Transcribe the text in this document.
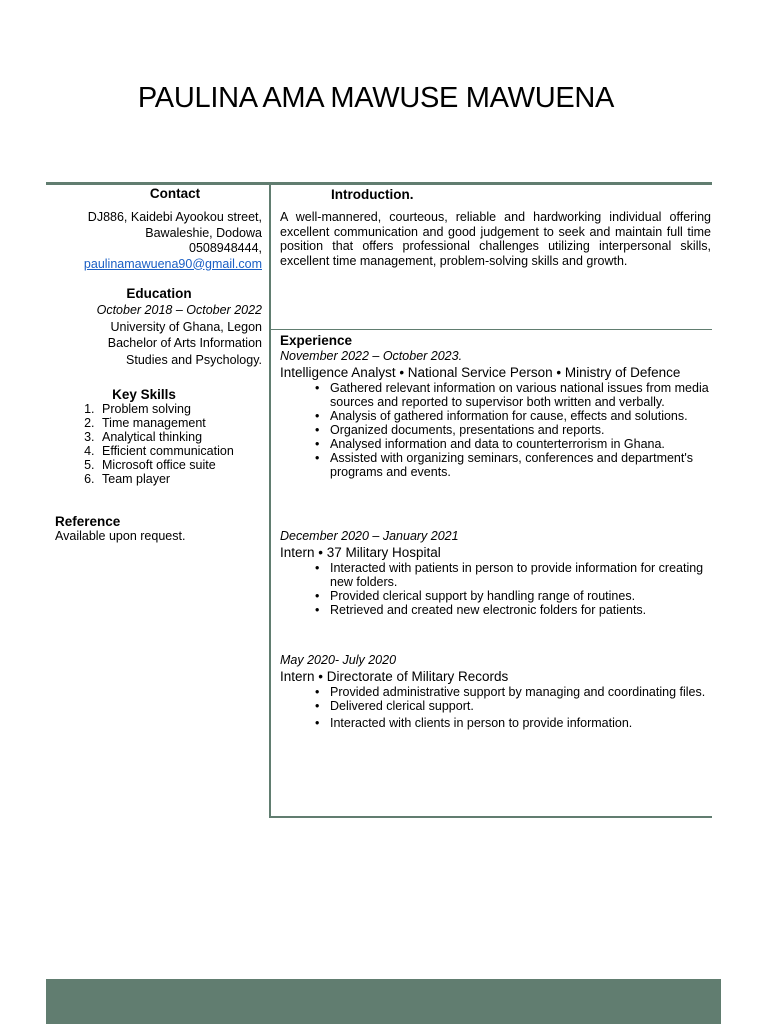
PAULINA AMA MAWUSE MAWUENA
Contact
DJ886, Kaidebi Ayookou street,
Bawaleshie, Dodowa
0508948444,
paulinamawuena90@gmail.com
Education
October 2018 – October 2022
University of Ghana, Legon
Bachelor of Arts Information
Studies and Psychology.
Key Skills
1. Problem solving
2. Time management
3. Analytical thinking
4. Efficient communication
5. Microsoft office suite
6. Team player
Reference
Available upon request.
Introduction.
A well-mannered, courteous, reliable and hardworking individual offering excellent communication and good judgement to seek and maintain full time position that offers professional challenges utilizing interpersonal skills, excellent time management, problem-solving skills and growth.
Experience
November 2022 – October 2023.
Intelligence Analyst • National Service Person • Ministry of Defence
• Gathered relevant information on various national issues from media sources and reported to supervisor both written and verbally.
• Analysis of gathered information for cause, effects and solutions.
• Organized documents, presentations and reports.
• Analysed information and data to counterterrorism in Ghana.
• Assisted with organizing seminars, conferences and department's programs and events.
December 2020 – January 2021
Intern • 37 Military Hospital
• Interacted with patients in person to provide information for creating new folders.
• Provided clerical support by handling range of routines.
• Retrieved and created new electronic folders for patients.
May 2020- July 2020
Intern • Directorate of Military Records
• Provided administrative support by managing and coordinating files.
• Delivered clerical support.
• Interacted with clients in person to provide information.
